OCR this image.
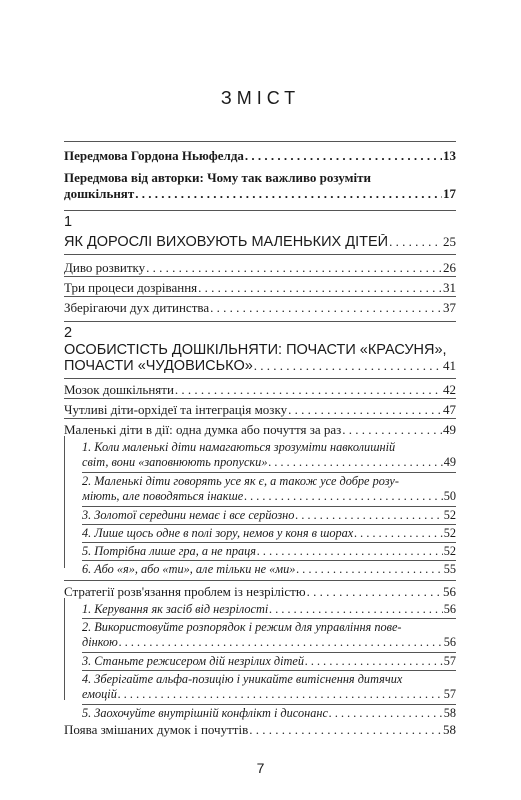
ЗМІСТ
Передмова Гордона Ньюфелда . . .	13
Передмова від авторки: Чому так важливо розуміти
дошкільнят . . .	17
1
ЯК ДОРОСЛІ ВИХОВУЮТЬ МАЛЕНЬКИХ ДІТЕЙ . . .	25
Диво розвитку . . .	26
Три процеси дозрівання . . .	31
Зберігаючи дух дитинства . . .	37
2
ОСОБИСТІСТЬ ДОШКІЛЬНЯТИ: ПОЧАСТИ «КРАСУНЯ»,
ПОЧАСТИ «ЧУДОВИСЬКО» . . .	41
Мозок дошкільняти . . .	42
Чутливі діти-орхідеї та інтеграція мозку . . .	47
Маленькі діти в дії: одна думка або почуття за раз . . .	49
1. Коли маленькі діти намагаються зрозуміти навколишній
світ, вони «заповнюють пропуски» . . .	49
2. Маленькі діти говорять усе як є, а також усе добре розу-
міють, але поводяться інакше . . .	50
3. Золотої середини немає і все серйозно . . .	52
4. Лише щось одне в полі зору, немов у коня в шорах . . .	52
5. Потрібна лише гра, а не праця . . .	52
6. Або «я», або «ти», але тільки не «ми» . . .	55
Стратегії розв'язання проблем із незрілістю . . .	56
1. Керування як засіб від незрілості . . .	56
2. Використовуйте розпорядок і режим для управління пове-
дінкою . . .	56
3. Станьте режисером дій незрілих дітей . . .	57
4. Зберігайте альфа-позицію і уникайте витіснення дитячих
емоцій . . .	57
5. Заохочуйте внутрішній конфлікт і дисонанс . . .	58
Поява змішаних думок і почуттів . . .	58
7
